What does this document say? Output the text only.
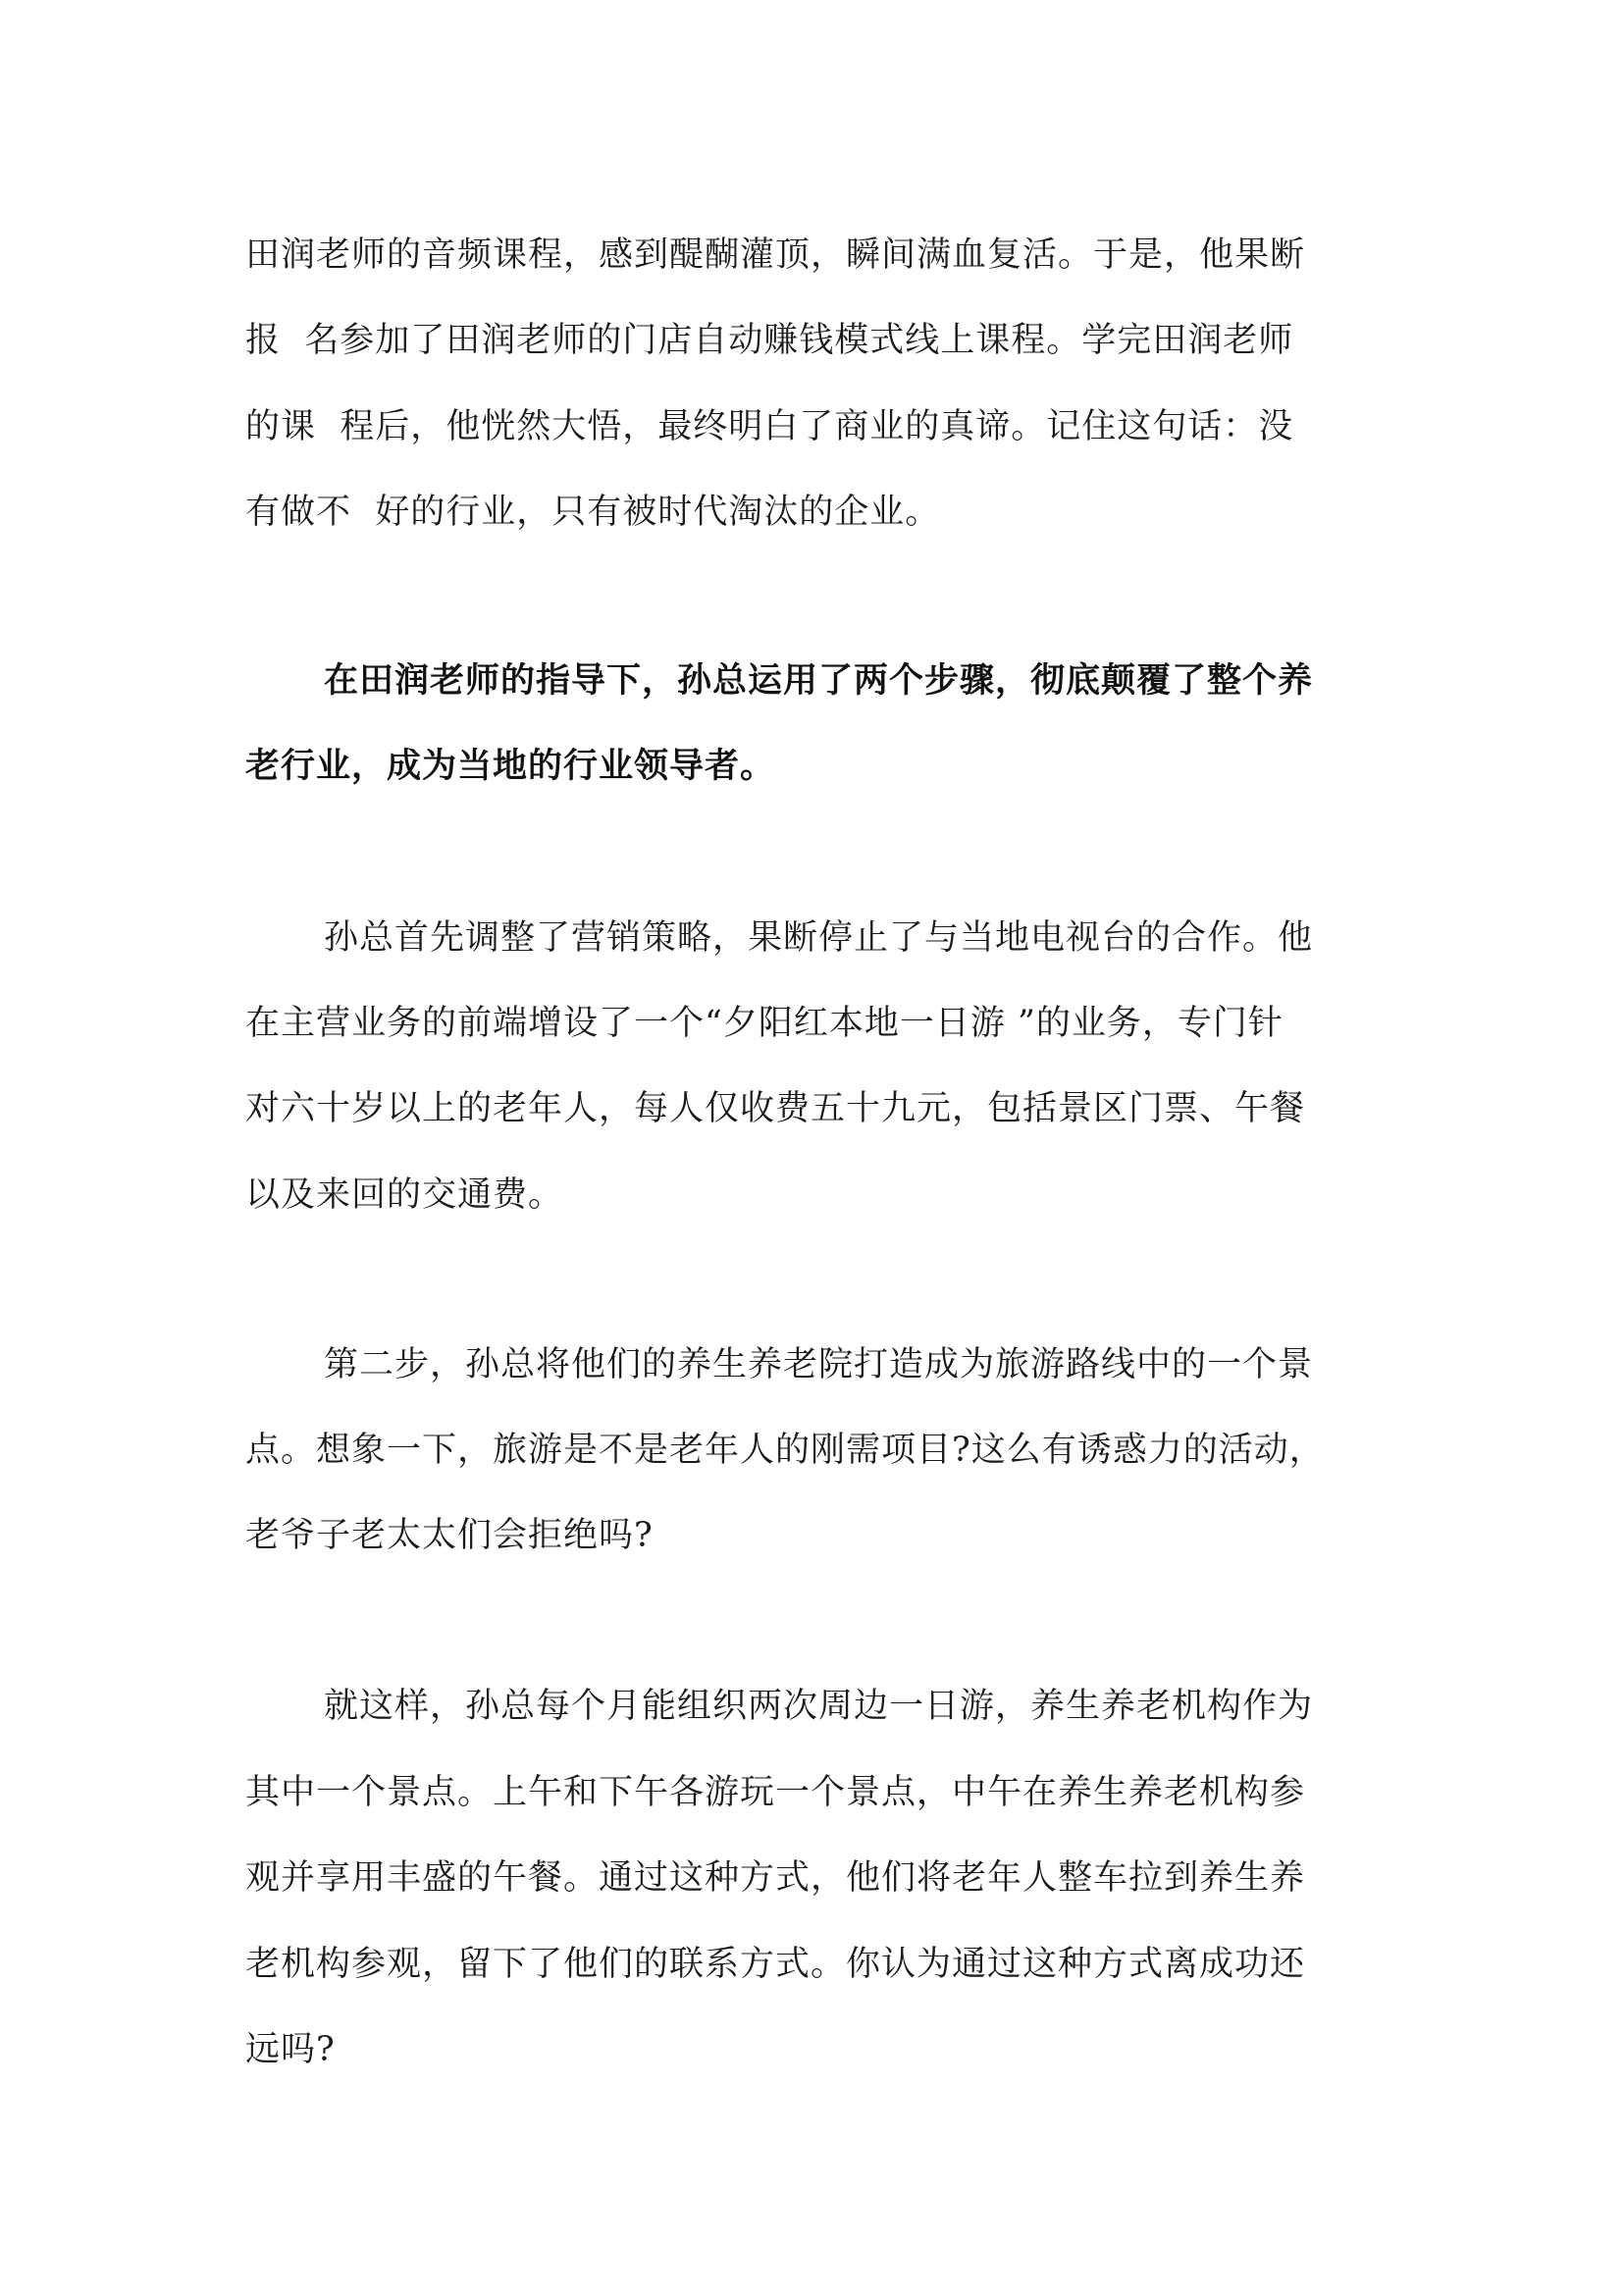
田润老师的音频课程，感到醍醐灌顶，瞬间满血复活。于是，他果断
报  名参加了田润老师的门店自动赚钱模式线上课程。学完田润老师
的课  程后，他恍然大悟，最终明白了商业的真谛。记住这句话：没
有做不  好的行业，只有被时代淘汰的企业。
在田润老师的指导下，孙总运用了两个步骤，彻底颠覆了整个养
老行业，成为当地的行业领导者。
孙总首先调整了营销策略，果断停止了与当地电视台的合作。他
在主营业务的前端增设了一个“夕阳红本地一日游 ”的业务，专门针
对六十岁以上的老年人，每人仅收费五十九元，包括景区门票、午餐
以及来回的交通费。
第二步，孙总将他们的养生养老院打造成为旅游路线中的一个景
点。想象一下，旅游是不是老年人的刚需项目?这么有诱惑力的活动，
老爷子老太太们会拒绝吗?
就这样，孙总每个月能组织两次周边一日游，养生养老机构作为
其中一个景点。上午和下午各游玩一个景点，中午在养生养老机构参
观并享用丰盛的午餐。通过这种方式，他们将老年人整车拉到养生养
老机构参观，留下了他们的联系方式。你认为通过这种方式离成功还
远吗?
